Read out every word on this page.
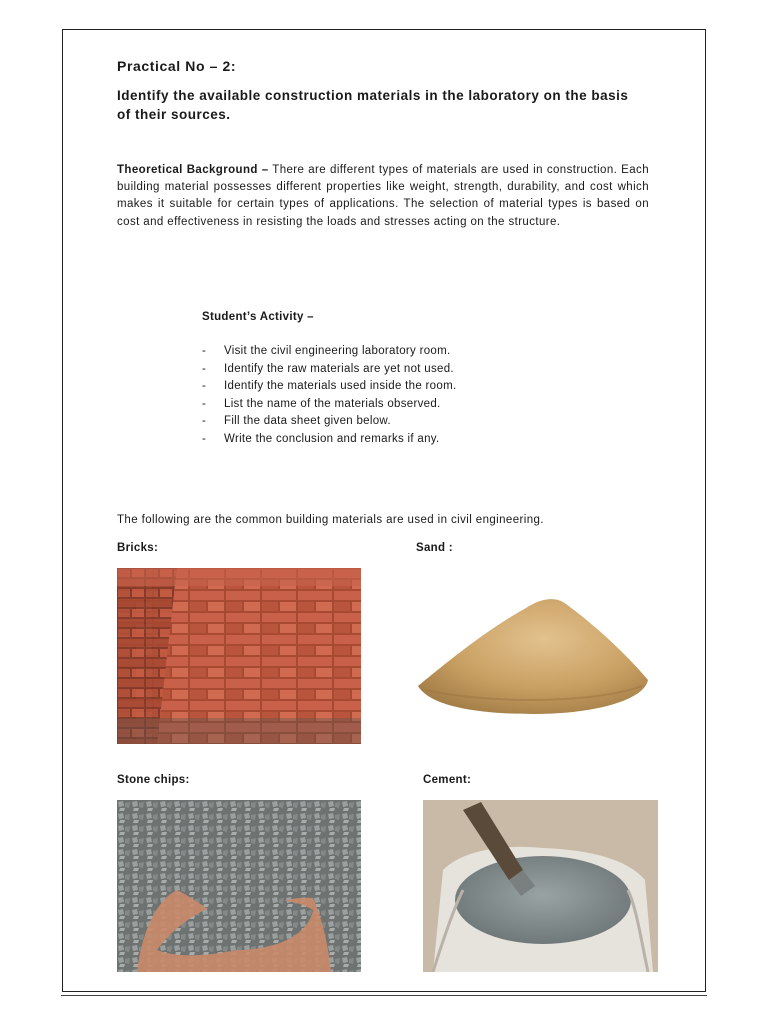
Practical No – 2:
Identify the available construction materials in the laboratory on the basis of their sources.
Theoretical Background – There are different types of materials are used in construction. Each building material possesses different properties like weight, strength, durability, and cost which makes it suitable for certain types of applications. The selection of material types is based on cost and effectiveness in resisting the loads and stresses acting on the structure.
Student’s Activity –
-	Visit the civil engineering laboratory room.
-	Identify the raw materials are yet not used.
-	Identify the materials used inside the room.
-	List the name of the materials observed.
-	Fill the data sheet given below.
-	Write the conclusion and remarks if any.
The following are the common building materials are used in civil engineering.
Bricks:	Sand :
Stone chips:	Cement:
